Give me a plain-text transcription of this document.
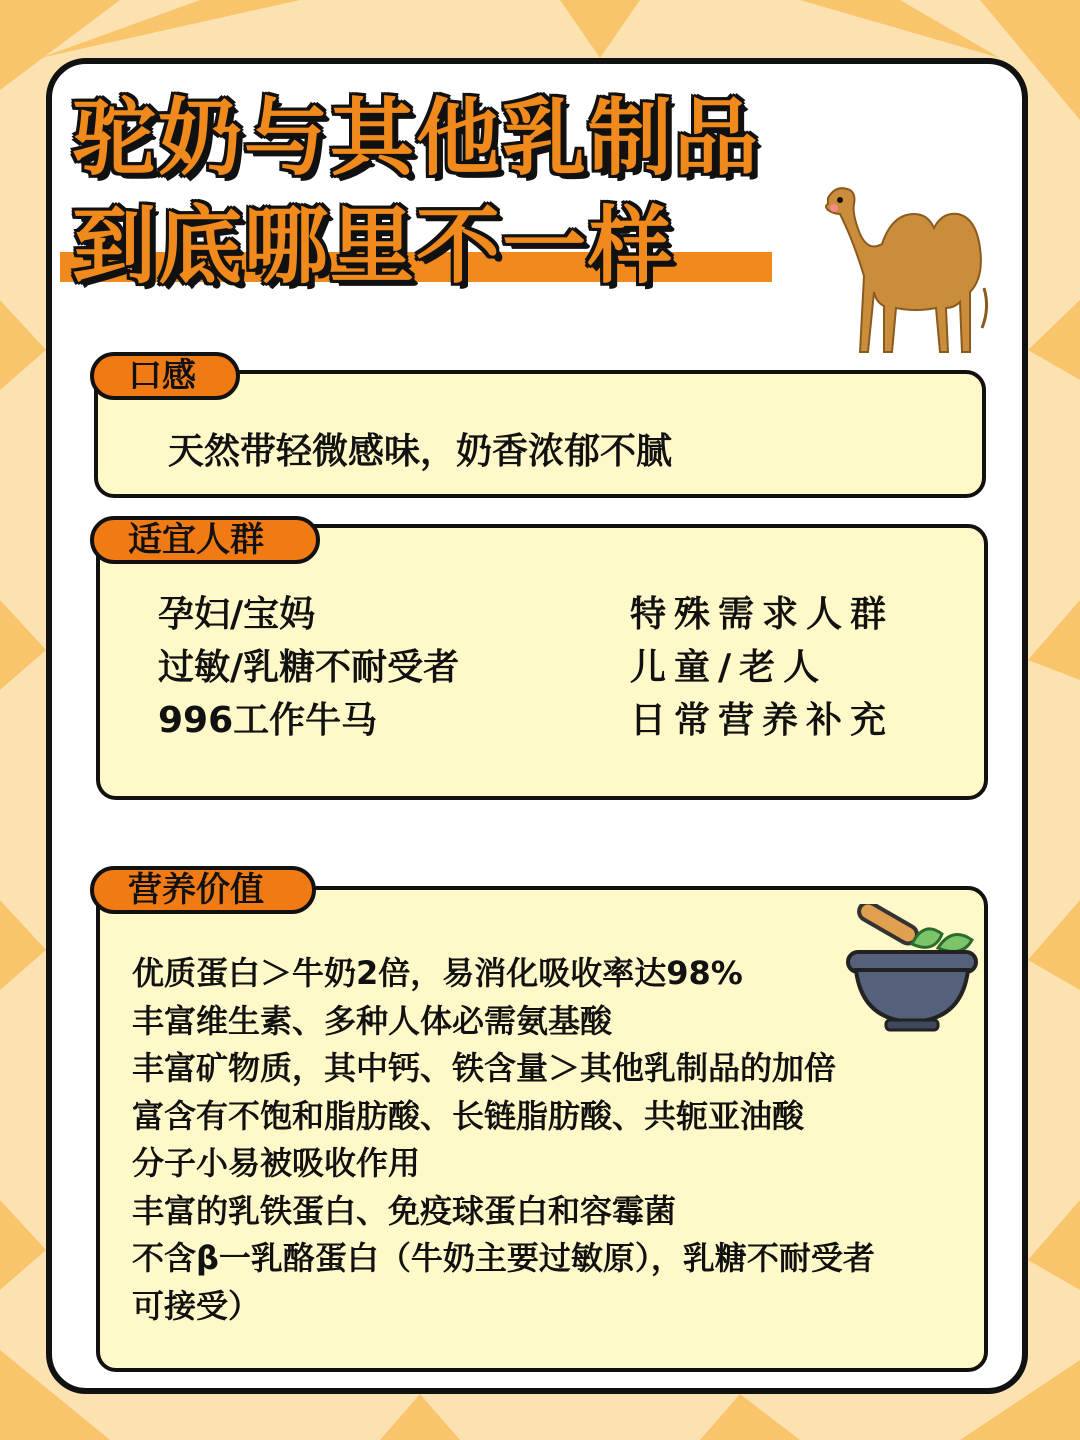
驼奶与其他乳制品
到底哪里不一样
口感
天然带轻微感味，奶香浓郁不腻
适宜人群
孕妇/宝妈
过敏/乳糖不耐受者
996工作牛马
特殊需求人群
儿童/老人
日常营养补充
营养价值
优质蛋白＞牛奶2倍，易消化吸收率达98%
丰富维生素、多种人体必需氨基酸
丰富矿物质，其中钙、铁含量＞其他乳制品的加倍
富含有不饱和脂肪酸、长链脂肪酸、共轭亚油酸
分子小易被吸收作用
丰富的乳铁蛋白、免疫球蛋白和容霉菌
不含β一乳酪蛋白（牛奶主要过敏原），乳糖不耐受者
可接受）
